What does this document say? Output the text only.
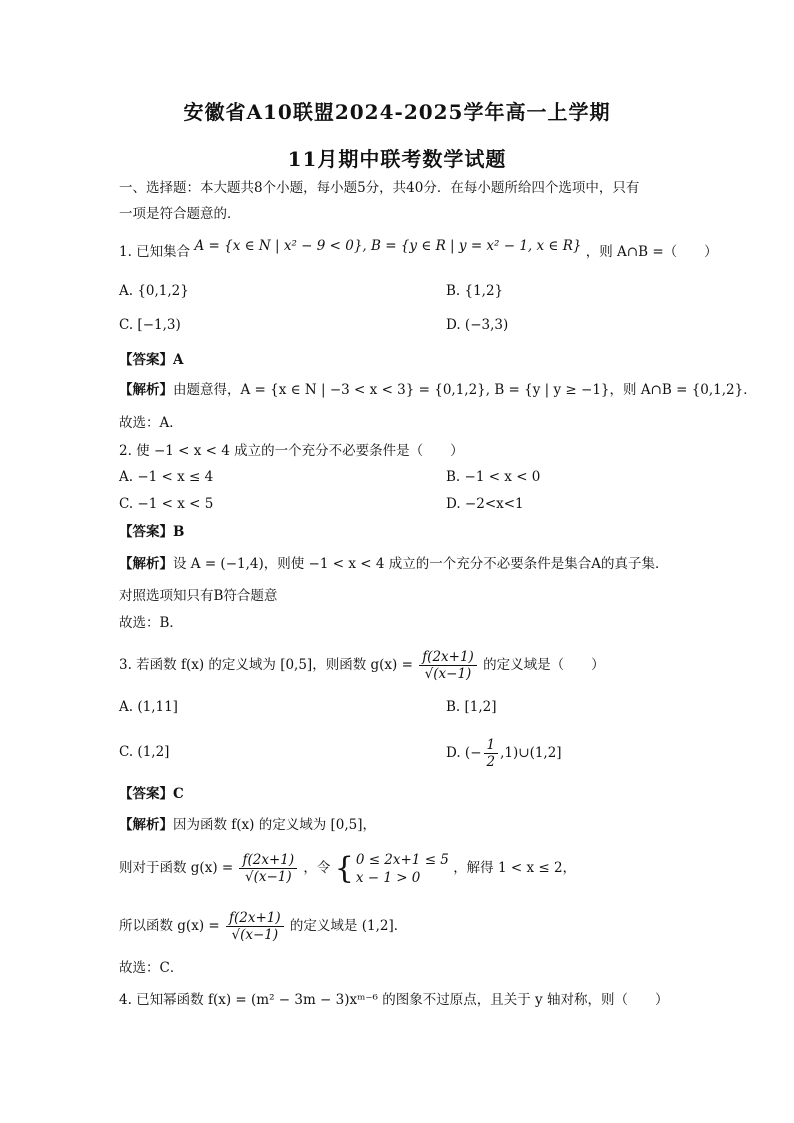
安徽省A10联盟2024-2025学年高一上学期
11月期中联考数学试题
一、选择题：本大题共8个小题，每小题5分，共40分．在每小题所给四个选项中，只有
一项是符合题意的．
1. 已知集合 A = {x ∈ N | x² − 9 < 0}, B = {y ∈ R | y = x² − 1, x ∈ R} ，则 A∩B =（　　）
A. {0,1,2}	B. {1,2}
C. [−1,3)	D. (−3,3)
【答案】A
【解析】由题意得，A = {x ∈ N | −3 < x < 3} = {0,1,2}, B = {y | y ≥ −1}，则 A∩B = {0,1,2}．
故选：A．
2. 使 −1 < x < 4 成立的一个充分不必要条件是（　　）
A. −1 < x ≤ 4	B. −1 < x < 0
C. −1 < x < 5	D. −2<x<1
【答案】B
【解析】设 A = (−1,4)，则使 −1 < x < 4 成立的一个充分不必要条件是集合A的真子集．
对照选项知只有B符合题意
故选：B．
3. 若函数 f(x) 的定义域为 [0,5]，则函数 $g(x) = \frac{f(2x+1)}{√(x-1)}$ 的定义域是（　　）
A. (1,11]	B. [1,2]
C. (1,2]	D. (− $\frac{1}{2}$ ,1)∪(1,2]
【答案】C
【解析】因为函数 f(x) 的定义域为 [0,5]，
则对于函数 $g(x) = \frac{f(2x+1)}{√(x-1)}$ ，令 { 0 ≤ 2x+1 ≤ 5
x − 1 > 0
，解得 1 < x ≤ 2，
所以函数 $g(x) = \frac{f(2x+1)}{√(x-1)}$ 的定义域是 (1,2]．
故选：C．
4. 已知幂函数 f(x) = (m² − 3m − 3)xᵐ⁻⁶ 的图象不过原点，且关于 y 轴对称，则（　　）
